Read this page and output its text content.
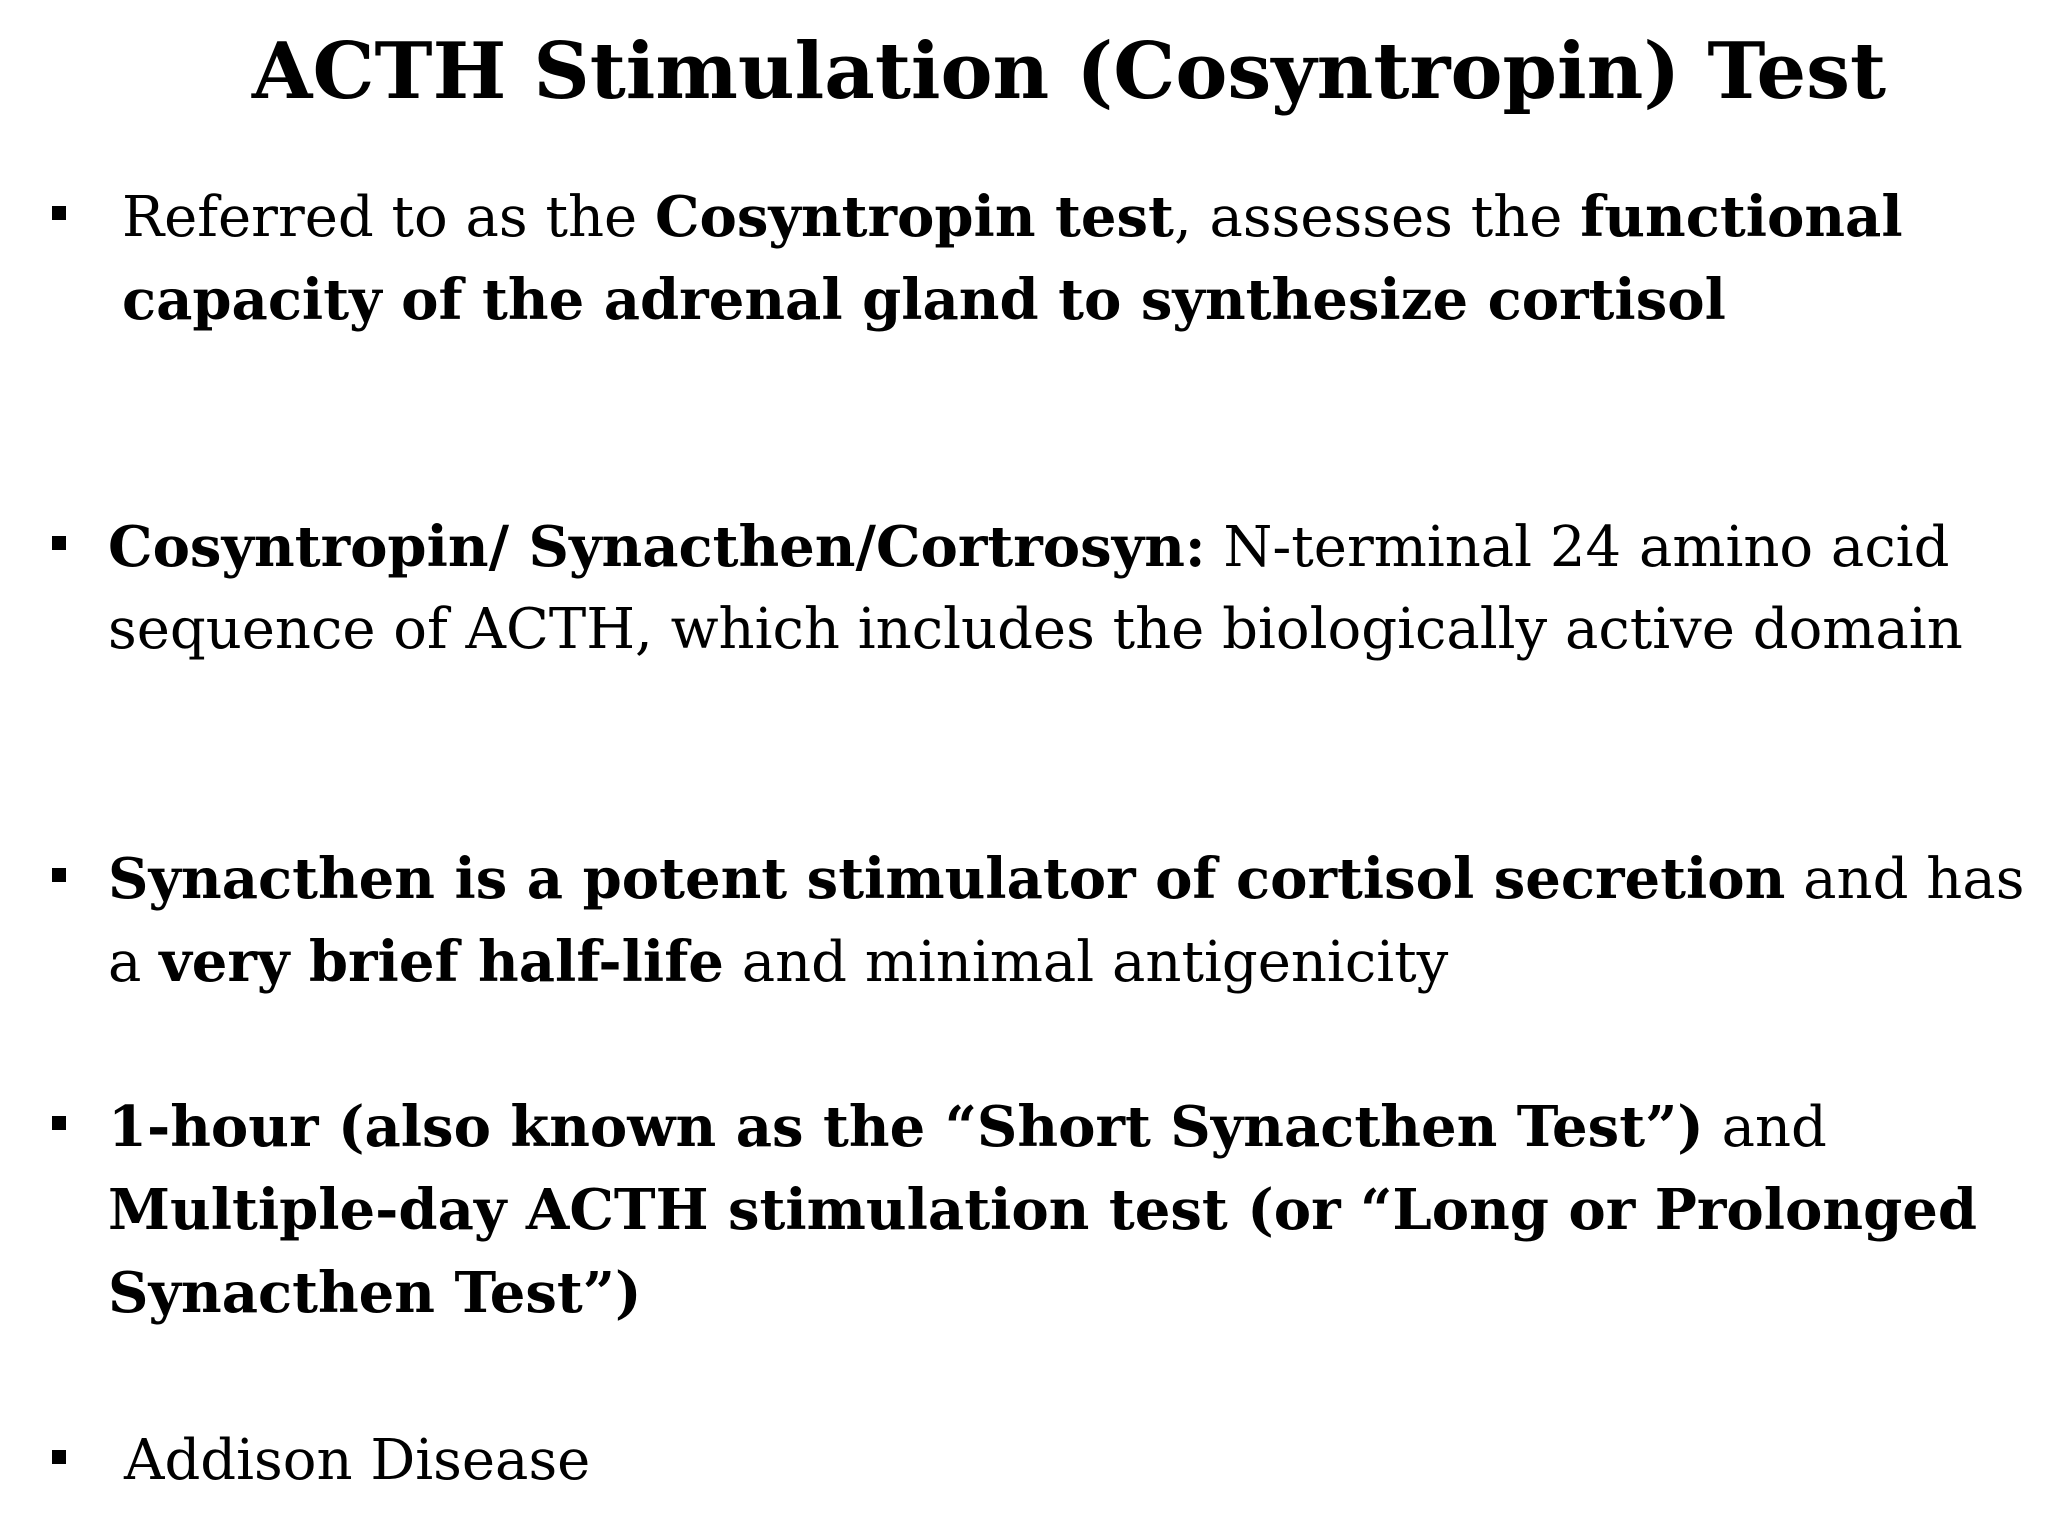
ACTH Stimulation (Cosyntropin) Test
Referred to as the Cosyntropin test, assesses the functional capacity of the adrenal gland to synthesize cortisol
Cosyntropin/ Synacthen/Cortrosyn: N-terminal 24 amino acid sequence of ACTH, which includes the biologically active domain
Synacthen is a potent stimulator of cortisol secretion and has a very brief half-life and minimal antigenicity
1-hour (also known as the “Short Synacthen Test”) and Multiple-day ACTH stimulation test (or “Long or Prolonged Synacthen Test”)
Addison Disease
